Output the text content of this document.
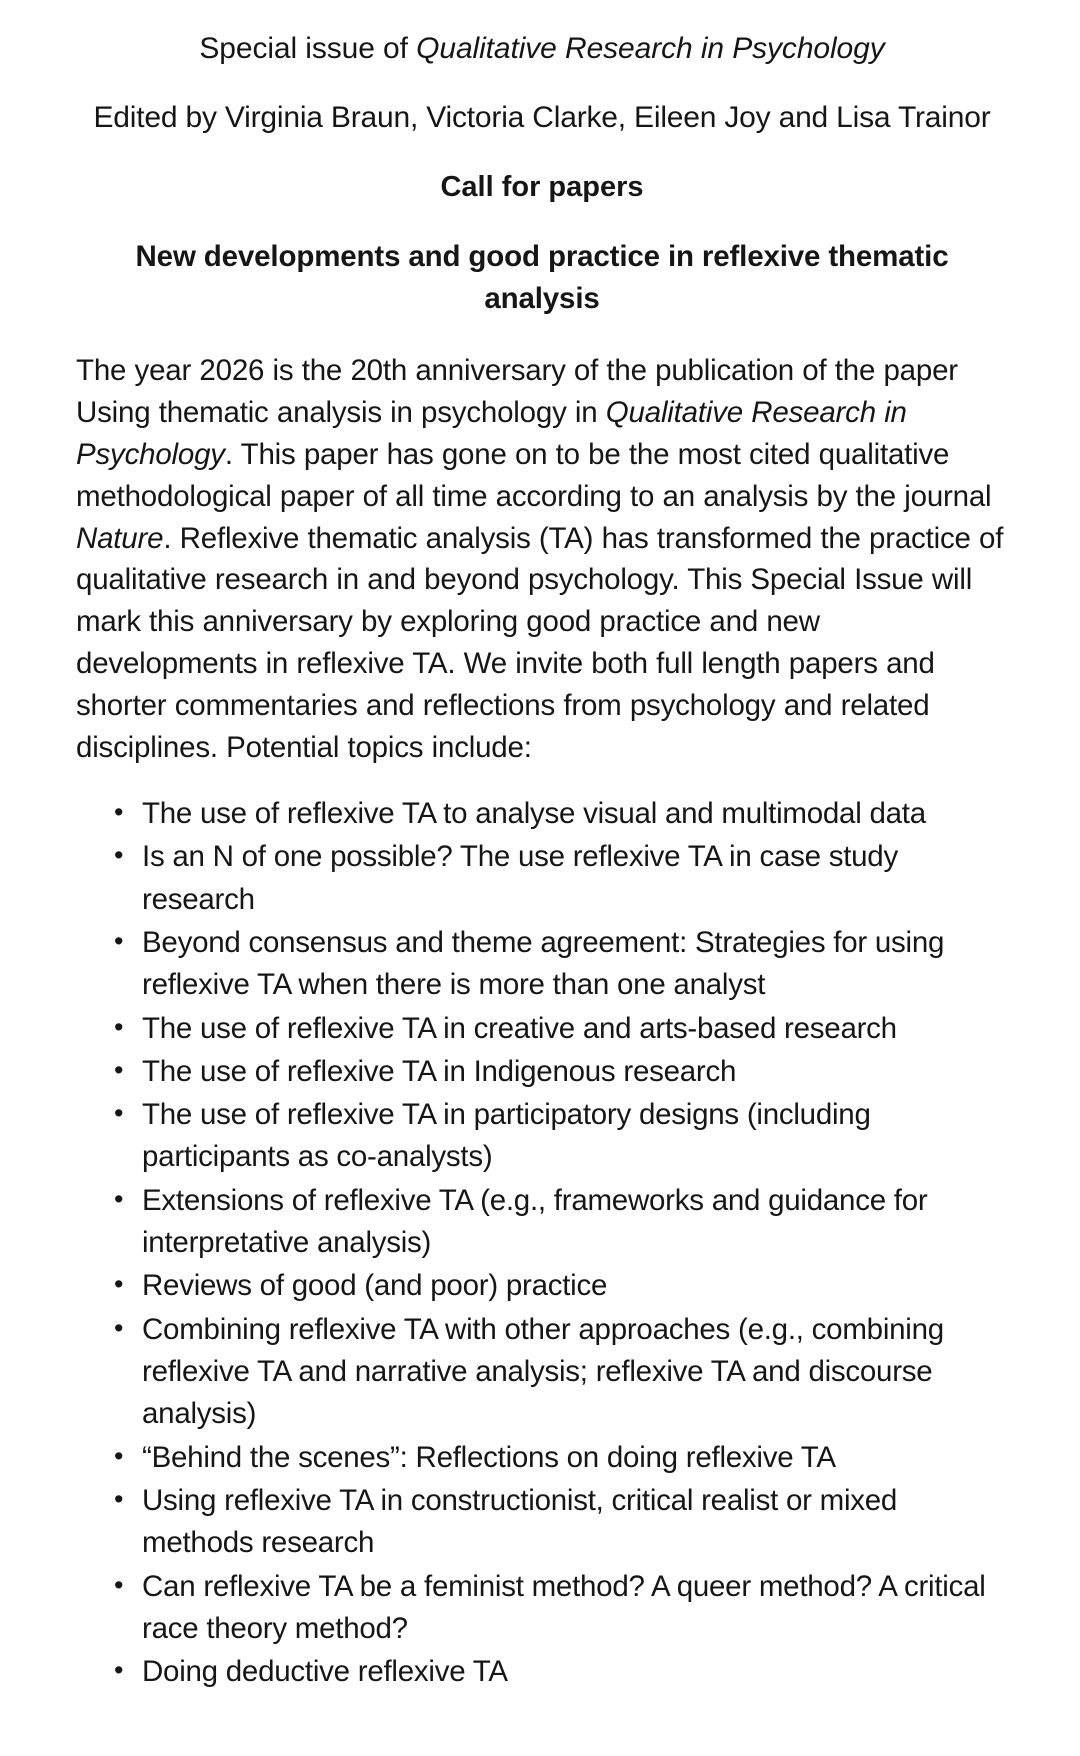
Special issue of Qualitative Research in Psychology

Edited by Virginia Braun, Victoria Clarke, Eileen Joy and Lisa Trainor

Call for papers

New developments and good practice in reflexive thematic analysis

The year 2026 is the 20th anniversary of the publication of the paper Using thematic analysis in psychology in Qualitative Research in Psychology. This paper has gone on to be the most cited qualitative methodological paper of all time according to an analysis by the journal Nature. Reflexive thematic analysis (TA) has transformed the practice of qualitative research in and beyond psychology. This Special Issue will mark this anniversary by exploring good practice and new developments in reflexive TA. We invite both full length papers and shorter commentaries and reflections from psychology and related disciplines. Potential topics include:

• The use of reflexive TA to analyse visual and multimodal data
• Is an N of one possible? The use reflexive TA in case study research
• Beyond consensus and theme agreement: Strategies for using reflexive TA when there is more than one analyst
• The use of reflexive TA in creative and arts-based research
• The use of reflexive TA in Indigenous research
• The use of reflexive TA in participatory designs (including participants as co-analysts)
• Extensions of reflexive TA (e.g., frameworks and guidance for interpretative analysis)
• Reviews of good (and poor) practice
• Combining reflexive TA with other approaches (e.g., combining reflexive TA and narrative analysis; reflexive TA and discourse analysis)
• “Behind the scenes”: Reflections on doing reflexive TA
• Using reflexive TA in constructionist, critical realist or mixed methods research
• Can reflexive TA be a feminist method? A queer method? A critical race theory method?
• Doing deductive reflexive TA
